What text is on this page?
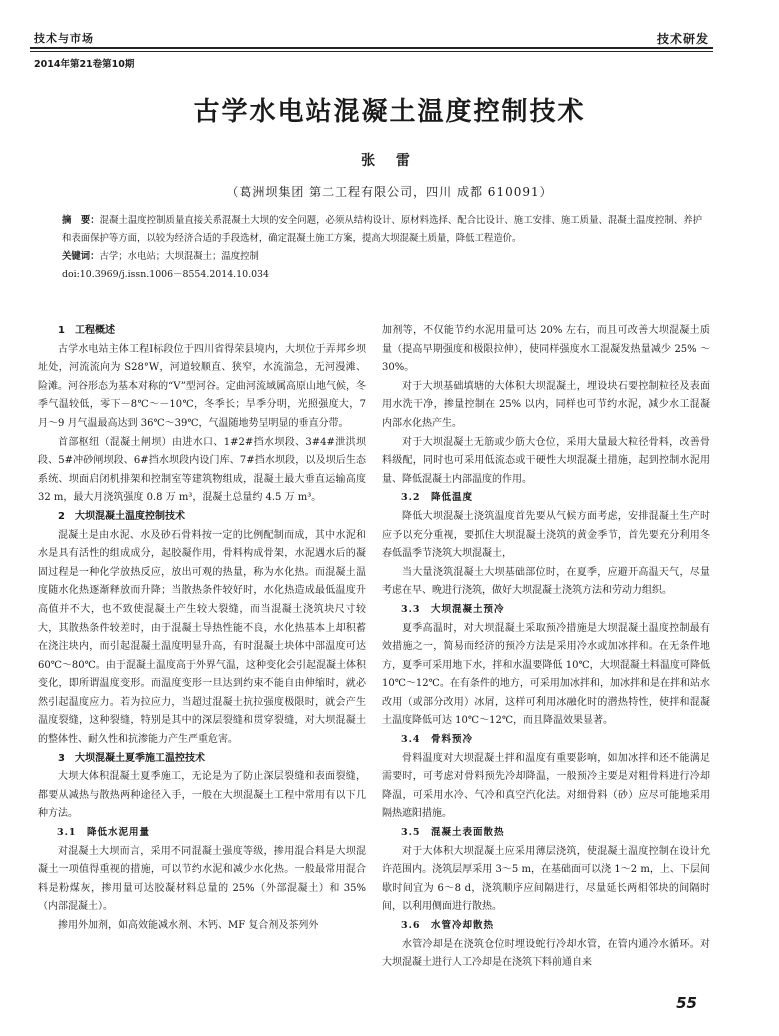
技术与市场	技术研发
2014年第21卷第10期
古学水电站混凝土温度控制技术
张 雷
（葛洲坝集团 第二工程有限公司，四川 成都 610091）
摘　要：混凝土温度控制质量直接关系混凝土大坝的安全问题，必须从结构设计、原材料选择、配合比设计、施工安排、施工质量、混凝土温度控制、养护和表面保护等方面，以较为经济合适的手段选材，确定混凝土施工方案，提高大坝混凝土质量，降低工程造价。
关键词：古学；水电站；大坝混凝土；温度控制
doi:10.3969/j.issn.1006－8554.2014.10.034

1　工程概述

古学水电站主体工程Ⅰ标段位于四川省得荣县境内，大坝位于弄邦乡坝址处，河流流向为 S28°W，河道较顺直、狭窄，水流湍急，无河漫滩、险滩。河谷形态为基本对称的“V”型河谷。定曲河流域属高原山地气候，冬季气温较低，零下－8℃～－10℃，冬季长；旱季分明，光照强度大，7 月～9 月气温最高达到 36℃～39℃，气温随地势呈明显的垂直分带。

首部枢纽（混凝土闸坝）由进水口、1#2#挡水坝段、3#4#泄洪坝段、5#冲砂闸坝段、6#挡水坝段内设门库、7#挡水坝段，以及坝后生态系统、坝面启闭机排架和控制室等建筑物组成，混凝土最大垂直运输高度 32 m，最大月浇筑强度 0.8 万 m³，混凝土总量约 4.5 万 m³。

2　大坝混凝土温度控制技术

混凝土是由水泥、水及砂石骨料按一定的比例配制而成，其中水泥和水是具有活性的组成成分，起胶凝作用，骨料构成骨架，水泥遇水后的凝固过程是一种化学放热反应，放出可观的热量，称为水化热。而混凝土温度随水化热逐渐释放而升降；当散热条件较好时，水化热造成最低温度升高值并不大，也不致使混凝土产生较大裂缝，而当混凝土浇筑块尺寸较大，其散热条件较差时，由于混凝土导热性能不良，水化热基本上却积蓄在浇注块内，而引起混凝土温度明显升高，有时混凝土块体中部温度可达 60℃～80℃。由于混凝土温度高于外界气温，这种变化会引起混凝土体积变化，即所谓温度变形。而温度变形一旦达到约束不能自由伸缩时，就必然引起温度应力。若为拉应力，当超过混凝土抗拉强度极限时，就会产生温度裂缝，这种裂缝，特别是其中的深层裂缝和贯穿裂缝，对大坝混凝土的整体性、耐久性和抗渗能力产生严重危害。

3　大坝混凝土夏季施工温控技术

大坝大体积混凝土夏季施工，无论是为了防止深层裂缝和表面裂缝，都要从减热与散热两种途径入手，一般在大坝混凝土工程中常用有以下几种方法。

3.1　降低水泥用量

对混凝土大坝而言，采用不同混凝土强度等级，掺用混合料是大坝混凝土一项值得重视的措施，可以节约水泥和减少水化热。一般最常用混合料是粉煤灰，掺用量可达胶凝材料总量的 25%（外部混凝土）和 35%（内部混凝土）。

掺用外加剂，如高效能减水剂、木钙、MF 复合剂及茶列外

加剂等，不仅能节约水泥用量可达 20% 左右，而且可改善大坝混凝土质量（提高早期强度和极限拉伸），使同样强度水工混凝发热量减少 25% ～30%。

对于大坝基础填塘的大体积大坝混凝土，埋设块石要控制粒径及表面用水洗干净，掺量控制在 25% 以内，同样也可节约水泥，减少水工混凝内部水化热产生。

对于大坝混凝土无筋或少筋大仓位，采用大量最大粒径骨料，改善骨料级配，同时也可采用低流态或干硬性大坝混凝土措施，起到控制水泥用量、降低混凝土内部温度的作用。

3.2　降低温度

降低大坝混凝土浇筑温度首先要从气候方面考虑，安排混凝土生产时应予以充分重视，要抓住大坝混凝土浇筑的黄金季节，首先要充分利用冬春低温季节浇筑大坝混凝土，

当大量浇筑混凝土大坝基础部位时，在夏季，应避开高温天气，尽量考虑在早、晚进行浇筑，做好大坝混凝土浇筑方法和劳动力组织。

3.3　大坝混凝土预冷

夏季高温时，对大坝混凝土采取预冷措施是大坝混凝土温度控制最有效措施之一，简易而经济的预冷方法是采用冷水或加冰拌和。在无条件地方，夏季可采用地下水，拌和水温要降低 10℃，大坝混凝土料温度可降低 10℃～12℃。在有条件的地方，可采用加冰拌和，加冰拌和是在拌和站水改用（或部分改用）冰屑，这样可利用冰融化时的潜热特性，使拌和混凝土温度降低可达 10℃～12℃，而且降温效果显著。

3.4　骨料预冷

骨料温度对大坝混凝土拌和温度有重要影响，如加冰拌和还不能满足需要时，可考虑对骨料预先冷却降温，一般预冷主要是对粗骨料进行冷却降温，可采用水冷、气冷和真空汽化法。对细骨料（砂）应尽可能地采用隔热遮阳措施。

3.5　混凝土表面散热

对于大体积大坝混凝土应采用薄层浇筑，使混凝土温度控制在设计允许范围内。浇筑层厚采用 3～5 m，在基础面可以浇 1～2 m，上、下层间歇时间宜为 6～8 d，浇筑顺序应间隔进行，尽量延长两相邻块的间隔时间，以利用侧面进行散热。

3.6　水管冷却散热

水管冷却是在浇筑仓位时埋设蛇行冷却水管，在管内通冷水循环。对大坝混凝土进行人工冷却是在浇筑下料前通自来

55
